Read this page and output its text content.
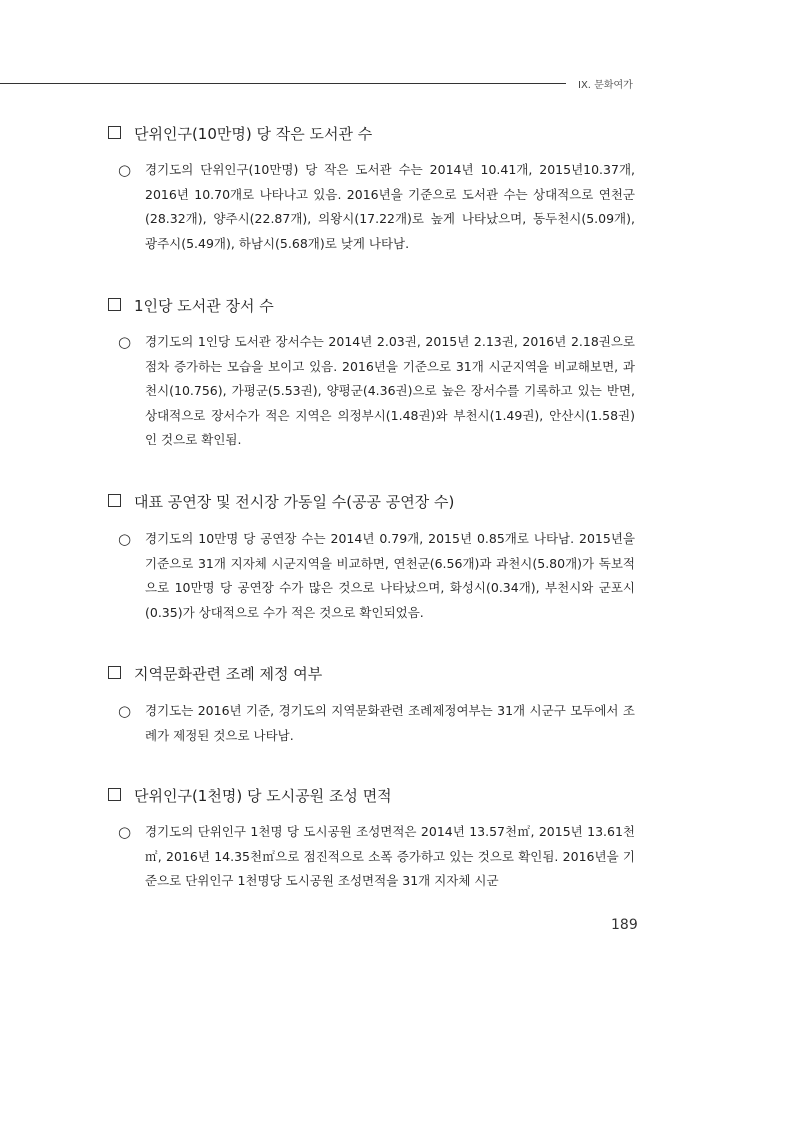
IX. 문화여가
단위인구(10만명) 당 작은 도서관 수
○ 경기도의 단위인구(10만명) 당 작은 도서관 수는 2014년 10.41개, 2015년10.37개, 2016년 10.70개로 나타나고 있음. 2016년을 기준으로 도서관 수는 상대적으로 연천군(28.32개), 양주시(22.87개), 의왕시(17.22개)로 높게 나타났으며, 동두천시(5.09개), 광주시(5.49개), 하남시(5.68개)로 낮게 나타남.
1인당 도서관 장서 수
○ 경기도의 1인당 도서관 장서수는 2014년 2.03권, 2015년 2.13권, 2016년 2.18권으로 점차 증가하는 모습을 보이고 있음. 2016년을 기준으로 31개 시군지역을 비교해보면, 과천시(10.756), 가평군(5.53권), 양평군(4.36권)으로 높은 장서수를 기록하고 있는 반면, 상대적으로 장서수가 적은 지역은 의정부시(1.48권)와 부천시(1.49권), 안산시(1.58권)인 것으로 확인됨.
대표 공연장 및 전시장 가동일 수(공공 공연장 수)
○ 경기도의 10만명 당 공연장 수는 2014년 0.79개, 2015년 0.85개로 나타남. 2015년을 기준으로 31개 지자체 시군지역을 비교하면, 연천군(6.56개)과 과천시(5.80개)가 독보적으로 10만명 당 공연장 수가 많은 것으로 나타났으며, 화성시(0.34개), 부천시와 군포시(0.35)가 상대적으로 수가 적은 것으로 확인되었음.
지역문화관련 조례 제정 여부
○ 경기도는 2016년 기준, 경기도의 지역문화관련 조례제정여부는 31개 시군구 모두에서 조례가 제정된 것으로 나타남.
단위인구(1천명) 당 도시공원 조성 면적
○ 경기도의 단위인구 1천명 당 도시공원 조성면적은 2014년 13.57천㎡, 2015년 13.61천㎡, 2016년 14.35천㎡으로 점진적으로 소폭 증가하고 있는 것으로 확인됨. 2016년을 기준으로 단위인구 1천명당 도시공원 조성면적을 31개 지자체 시군
189
